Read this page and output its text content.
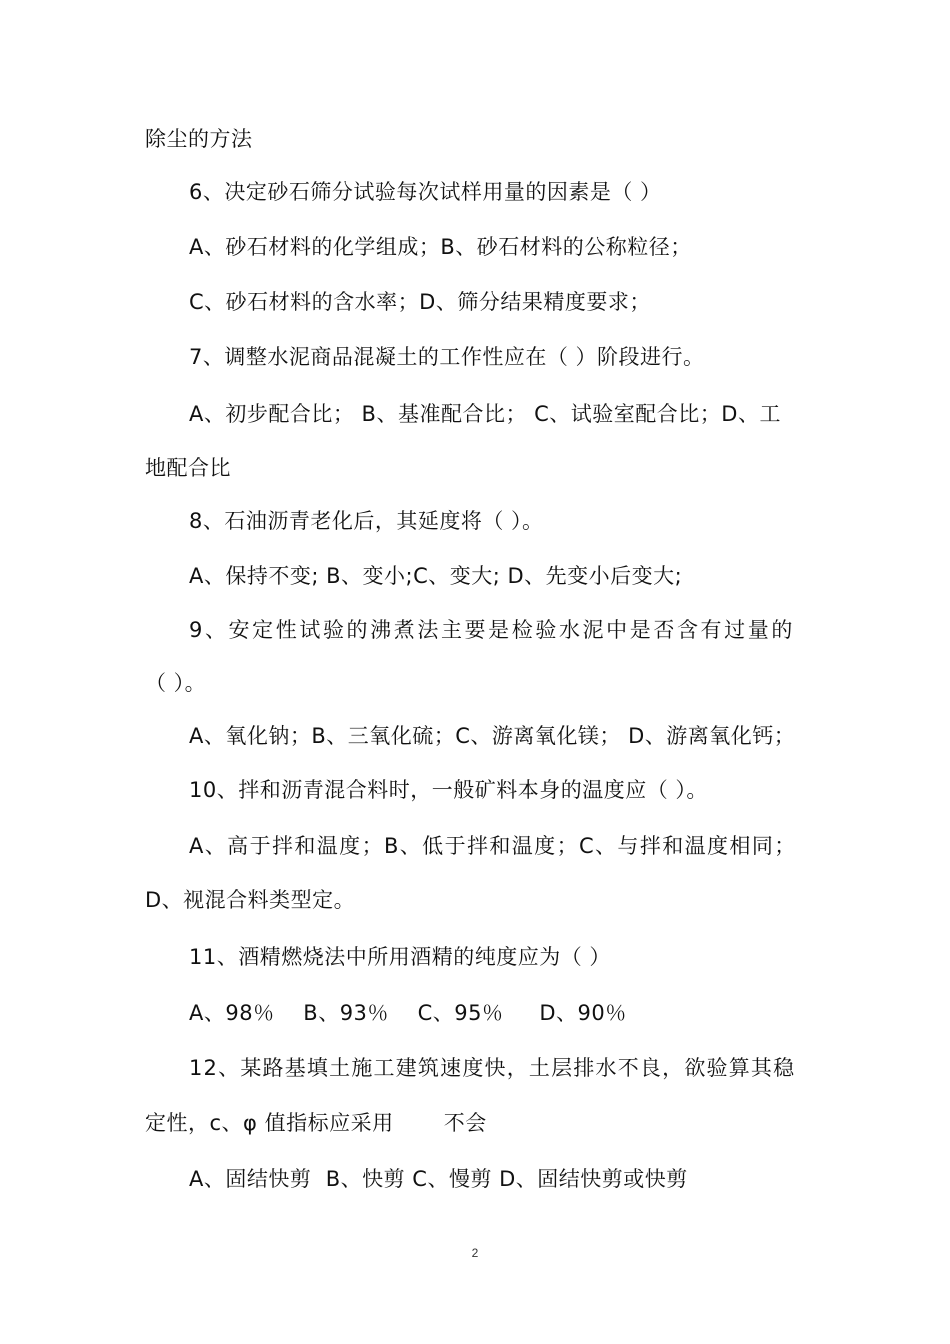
除尘的方法
6、决定砂石筛分试验每次试样用量的因素是（ ）
A、砂石材料的化学组成；B、砂石材料的公称粒径；
C、砂石材料的含水率；D、筛分结果精度要求；
7、调整水泥商品混凝土的工作性应在（ ）阶段进行。
A、初步配合比； B、基准配合比； C、试验室配合比；D、工
地配合比
8、石油沥青老化后，其延度将（ ）。
A、保持不变; B、变小;C、变大; D、先变小后变大;
9、安定性试验的沸煮法主要是检验水泥中是否含有过量的
（ ）。
A、氧化钠；B、三氧化硫；C、游离氧化镁； D、游离氧化钙；
10、拌和沥青混合料时，一般矿料本身的温度应（ ）。
A、高于拌和温度；B、低于拌和温度；C、与拌和温度相同；
D、视混合料类型定。
11、酒精燃烧法中所用酒精的纯度应为（ ）
A、98％    B、93％    C、95％     D、90％
12、某路基填土施工建筑速度快，土层排水不良，欲验算其稳
定性，c、φ 值指标应采用       不会
A、固结快剪  B、快剪 C、慢剪 D、固结快剪或快剪
2
